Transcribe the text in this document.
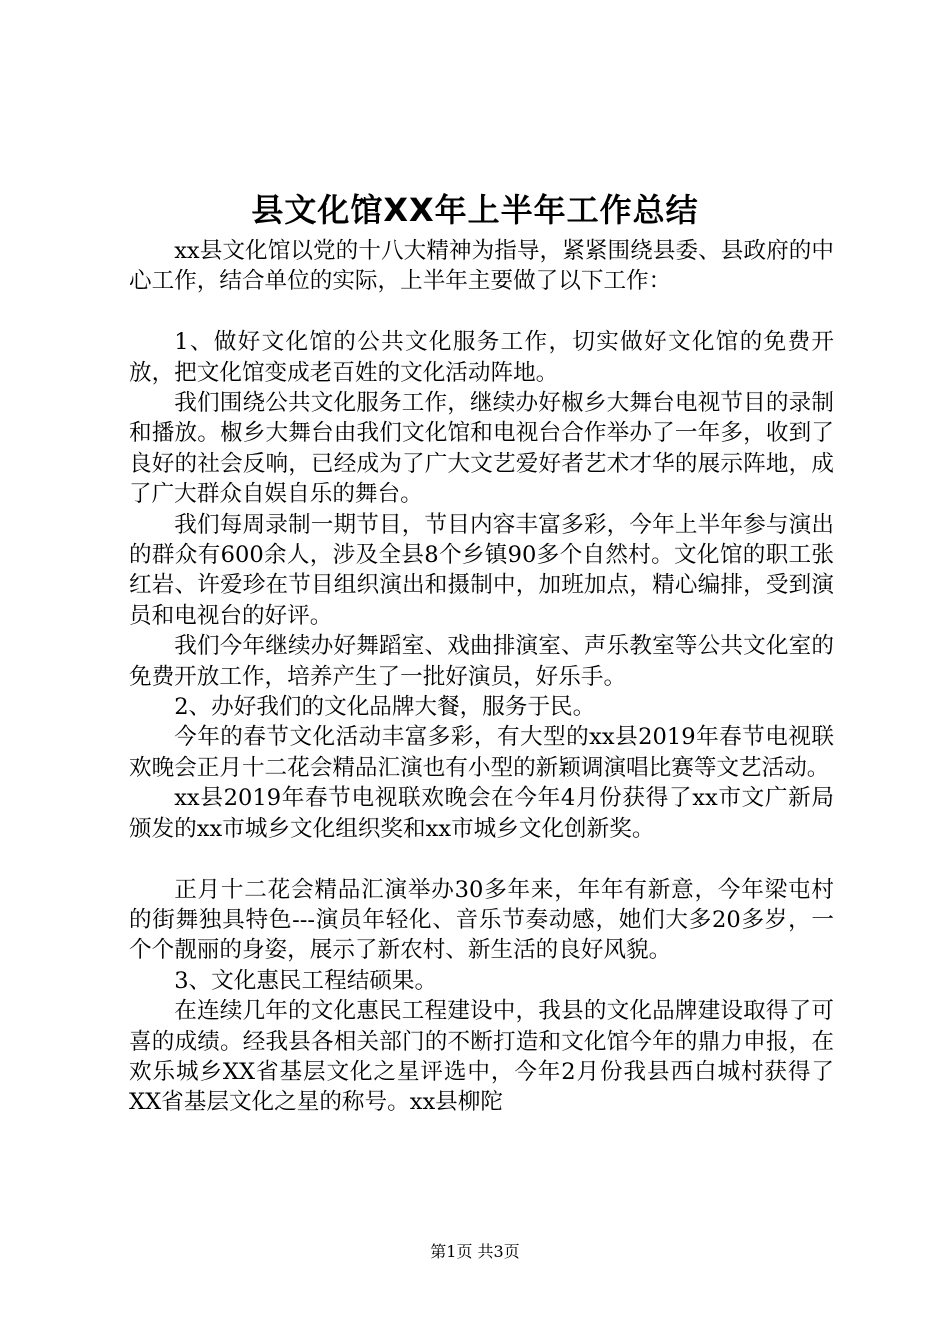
县文化馆XX年上半年工作总结

xx县文化馆以党的十八大精神为指导，紧紧围绕县委、县政府的中心工作，结合单位的实际，上半年主要做了以下工作：

1、做好文化馆的公共文化服务工作，切实做好文化馆的免费开放，把文化馆变成老百姓的文化活动阵地。

我们围绕公共文化服务工作，继续办好椒乡大舞台电视节目的录制和播放。椒乡大舞台由我们文化馆和电视台合作举办了一年多，收到了良好的社会反响，已经成为了广大文艺爱好者艺术才华的展示阵地，成了广大群众自娱自乐的舞台。

我们每周录制一期节目，节目内容丰富多彩，今年上半年参与演出的群众有600余人，涉及全县8个乡镇90多个自然村。文化馆的职工张红岩、许爱珍在节目组织演出和摄制中，加班加点，精心编排，受到演员和电视台的好评。

我们今年继续办好舞蹈室、戏曲排演室、声乐教室等公共文化室的免费开放工作，培养产生了一批好演员，好乐手。

2、办好我们的文化品牌大餐，服务于民。

今年的春节文化活动丰富多彩，有大型的xx县2019年春节电视联欢晚会正月十二花会精品汇演也有小型的新颖调演唱比赛等文艺活动。

xx县2019年春节电视联欢晚会在今年4月份获得了xx市文广新局颁发的xx市城乡文化组织奖和xx市城乡文化创新奖。

正月十二花会精品汇演举办30多年来，年年有新意，今年梁屯村的街舞独具特色---演员年轻化、音乐节奏动感，她们大多20多岁，一个个靓丽的身姿，展示了新农村、新生活的良好风貌。

3、文化惠民工程结硕果。

在连续几年的文化惠民工程建设中，我县的文化品牌建设取得了可喜的成绩。经我县各相关部门的不断打造和文化馆今年的鼎力申报，在欢乐城乡XX省基层文化之星评选中，今年2月份我县西白城村获得了XX省基层文化之星的称号。xx县柳陀

第1页 共3页
